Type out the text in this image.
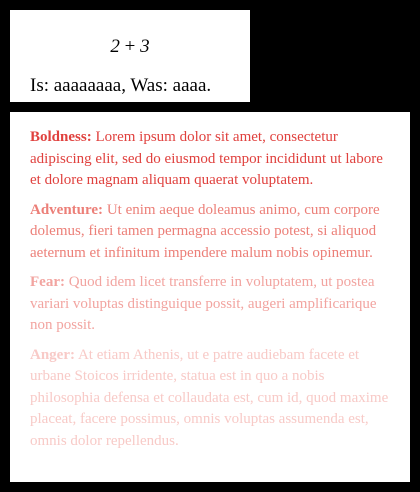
2 + 3
Is: aaaaaaaa, Was: aaaa.

Boldness: Lorem ipsum dolor sit amet, consectetur adipiscing elit, sed do eiusmod tempor incididunt ut labore et dolore magnam aliquam quaerat voluptatem.

Adventure: Ut enim aeque doleamus animo, cum corpore dolemus, fieri tamen permagna accessio potest, si aliquod aeternum et infinitum impendere malum nobis opinemur.

Fear: Quod idem licet transferre in voluptatem, ut postea variari voluptas distinguique possit, augeri amplificarique non possit.

Anger: At etiam Athenis, ut e patre audiebam facete et urbane Stoicos irridente, statua est in quo a nobis philosophia defensa et collaudata est, cum id, quod maxime placeat, facere possimus, omnis voluptas assumenda est, omnis dolor repellendus.
